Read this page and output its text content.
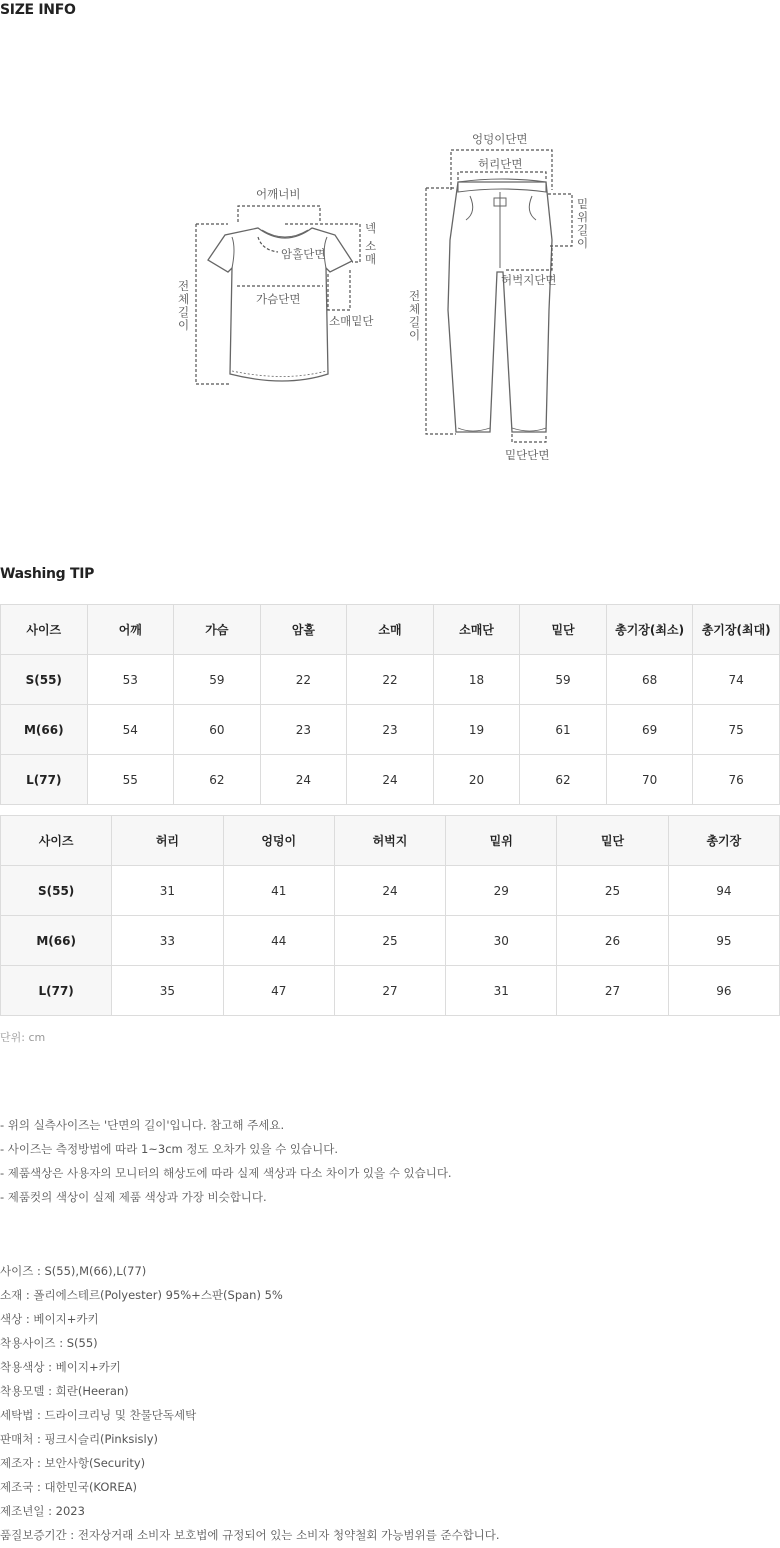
SIZE INFO
어깨너비
암홀단면
가슴단면
소매밑단
전
체
길
이
넥
소
매
엉덩이단면
허리단면
허벅지단면
밑단단면
전
체
길
이
밑
위
길
이
Washing TIP
사이즈	어깨	가슴	암홀	소매	소매단	밑단	총기장(최소)	총기장(최대)
S(55)	53	59	22	22	18	59	68	74
M(66)	54	60	23	23	19	61	69	75
L(77)	55	62	24	24	20	62	70	76
사이즈	허리	엉덩이	허벅지	밑위	밑단	총기장
S(55)	31	41	24	29	25	94
M(66)	33	44	25	30	26	95
L(77)	35	47	27	31	27	96
단위: cm
- 위의 실측사이즈는 '단면의 길이'입니다. 참고해 주세요.
- 사이즈는 측정방법에 따라 1~3cm 정도 오차가 있을 수 있습니다.
- 제품색상은 사용자의 모니터의 해상도에 따라 실제 색상과 다소 차이가 있을 수 있습니다.
- 제품컷의 색상이 실제 제품 색상과 가장 비슷합니다.
사이즈 : S(55),M(66),L(77)
소재 : 폴리에스테르(Polyester) 95%+스판(Span) 5%
색상 : 베이지+카키
착용사이즈 : S(55)
착용색상 : 베이지+카키
착용모델 : 희란(Heeran)
세탁법 : 드라이크리닝 및 찬물단독세탁
판매처 : 핑크시슬리(Pinksisly)
제조자 : 보안사항(Security)
제조국 : 대한민국(KOREA)
제조년일 : 2023
품질보증기간 : 전자상거래 소비자 보호법에 규정되어 있는 소비자 청약철회 가능범위를 준수합니다.
